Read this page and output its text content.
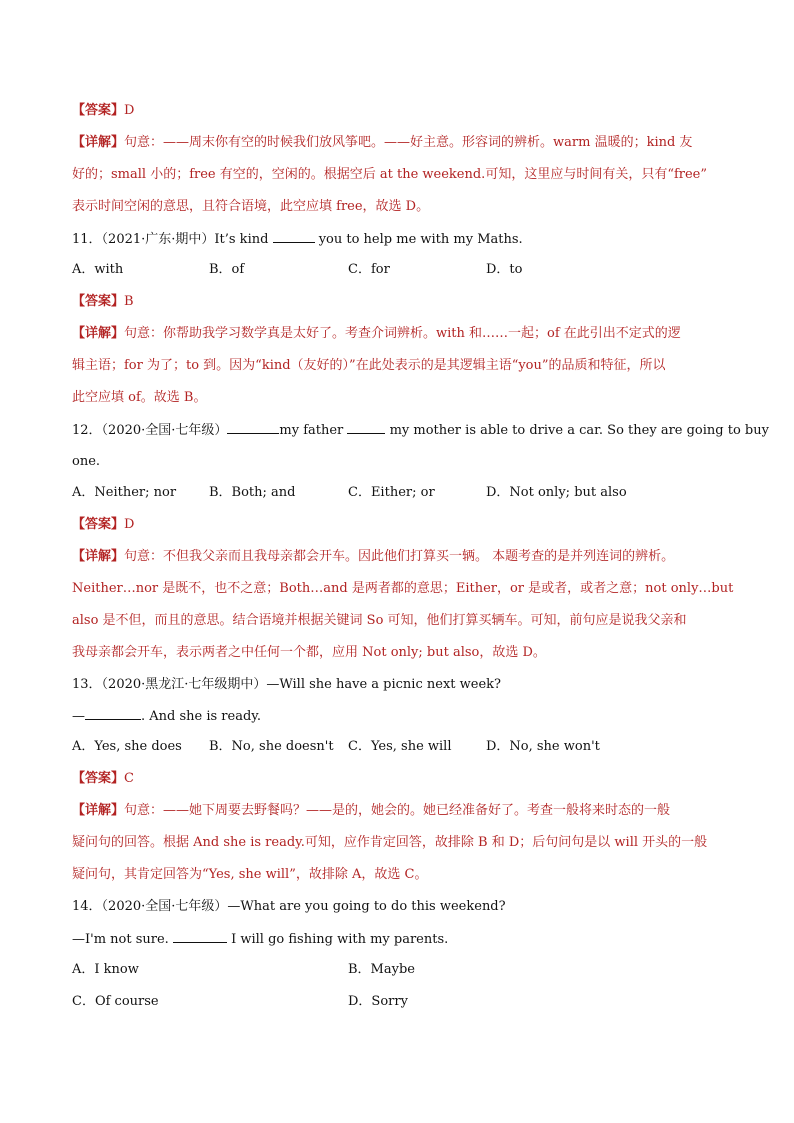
【答案】D
【详解】句意：——周末你有空的时候我们放风筝吧。——好主意。形容词的辨析。warm 温暖的；kind 友
好的；small 小的；free 有空的，空闲的。根据空后 at the weekend.可知，这里应与时间有关，只有“free”
表示时间空闲的意思，且符合语境，此空应填 free，故选 D。
11．（2021·广东·期中）It’s kind	you to help me with my Maths.
A．with	B．of	C．for	D．to
【答案】B
【详解】句意：你帮助我学习数学真是太好了。考查介词辨析。with 和……一起；of 在此引出不定式的逻
辑主语；for 为了；to 到。因为“kind（友好的）”在此处表示的是其逻辑主语“you”的品质和特征，所以
此空应填 of。故选 B。
12．（2020·全国·七年级）	my father	my mother is able to drive a car. So they are going to buy
one.
A．Neither; nor	B．Both; and	C．Either; or	D．Not only; but also
【答案】D
【详解】句意：不但我父亲而且我母亲都会开车。因此他们打算买一辆。 本题考查的是并列连词的辨析。
Neither…nor 是既不，也不之意；Both…and 是两者都的意思；Either，or 是或者，或者之意；not only…but
also 是不但，而且的意思。结合语境并根据关键词 So 可知，他们打算买辆车。可知，前句应是说我父亲和
我母亲都会开车，表示两者之中任何一个都，应用 Not only; but also，故选 D。
13．（2020·黑龙江·七年级期中）—Will she have a picnic next week?
—	. And she is ready.
A．Yes, she does B．No, she doesn't C．Yes, she will	D．No, she won't
【答案】C
【详解】句意：——她下周要去野餐吗？——是的，她会的。她已经准备好了。考查一般将来时态的一般
疑问句的回答。根据 And she is ready.可知，应作肯定回答，故排除 B 和 D；后句问句是以 will 开头的一般
疑问句，其肯定回答为“Yes, she will”，故排除 A，故选 C。
14．（2020·全国·七年级）—What are you going to do this weekend?
—I'm not sure.	I will go fishing with my parents.
A．I know	B．Maybe
C．Of course	D．Sorry
